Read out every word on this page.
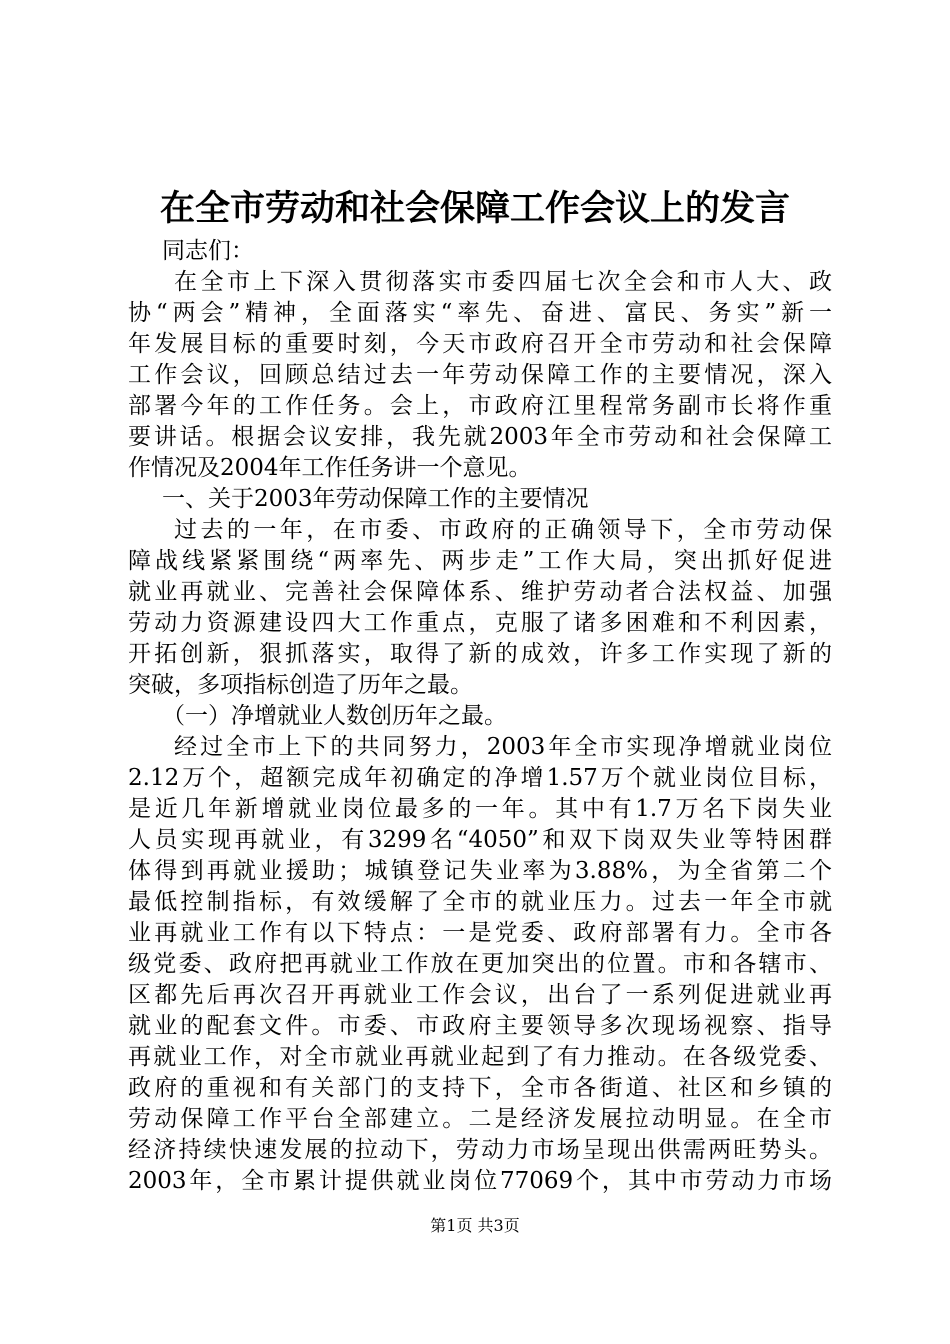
在全市劳动和社会保障工作会议上的发言
同志们：
在全市上下深入贯彻落实市委四届七次全会和市人大、政
协“两会”精神，全面落实“率先、奋进、富民、务实”新一
年发展目标的重要时刻，今天市政府召开全市劳动和社会保障
工作会议，回顾总结过去一年劳动保障工作的主要情况，深入
部署今年的工作任务。会上，市政府江里程常务副市长将作重
要讲话。根据会议安排，我先就2003年全市劳动和社会保障工
作情况及2004年工作任务讲一个意见。
一、关于2003年劳动保障工作的主要情况
过去的一年，在市委、市政府的正确领导下，全市劳动保
障战线紧紧围绕“两率先、两步走”工作大局，突出抓好促进
就业再就业、完善社会保障体系、维护劳动者合法权益、加强
劳动力资源建设四大工作重点，克服了诸多困难和不利因素，
开拓创新，狠抓落实，取得了新的成效，许多工作实现了新的
突破，多项指标创造了历年之最。
（一）净增就业人数创历年之最。
经过全市上下的共同努力，2003年全市实现净增就业岗位
2.12万个，超额完成年初确定的净增1.57万个就业岗位目标，
是近几年新增就业岗位最多的一年。其中有1.7万名下岗失业
人员实现再就业，有3299名“4050”和双下岗双失业等特困群
体得到再就业援助；城镇登记失业率为3.88%，为全省第二个
最低控制指标，有效缓解了全市的就业压力。过去一年全市就
业再就业工作有以下特点：一是党委、政府部署有力。全市各
级党委、政府把再就业工作放在更加突出的位置。市和各辖市、
区都先后再次召开再就业工作会议，出台了一系列促进就业再
就业的配套文件。市委、市政府主要领导多次现场视察、指导
再就业工作，对全市就业再就业起到了有力推动。在各级党委、
政府的重视和有关部门的支持下，全市各街道、社区和乡镇的
劳动保障工作平台全部建立。二是经济发展拉动明显。在全市
经济持续快速发展的拉动下，劳动力市场呈现出供需两旺势头。
2003年，全市累计提供就业岗位77069个，其中市劳动力市场
第1页 共3页
